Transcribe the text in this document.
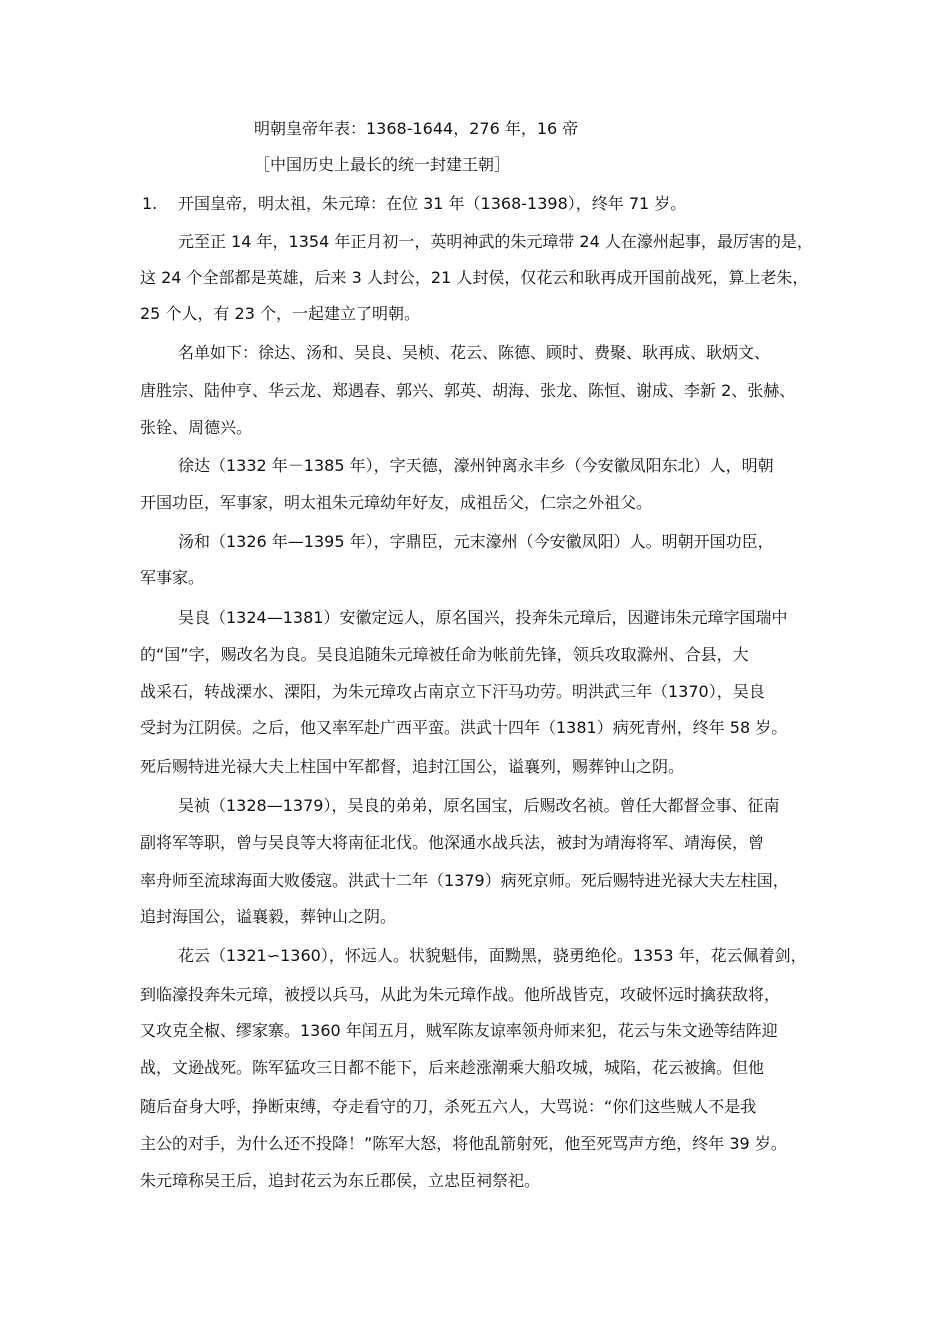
明朝皇帝年表：1368-1644，276 年，16 帝

［中国历史上最长的统一封建王朝］

1. 开国皇帝，明太祖，朱元璋：在位 31 年（1368-1398），终年 71 岁。

元至正 14 年，1354 年正月初一，英明神武的朱元璋带 24 人在濠州起事，最厉害的是，

这 24 个全部都是英雄，后来 3 人封公，21 人封侯，仅花云和耿再成开国前战死，算上老朱，

25 个人，有 23 个，一起建立了明朝。

名单如下：徐达、汤和、吴良、吴桢、花云、陈德、顾时、费聚、耿再成、耿炳文、

唐胜宗、陆仲亨、华云龙、郑遇春、郭兴、郭英、胡海、张龙、陈恒、谢成、李新 2、张赫、

张铨、周德兴。

徐达（1332 年－1385 年），字天德，濠州钟离永丰乡（今安徽凤阳东北）人，明朝

开国功臣，军事家，明太祖朱元璋幼年好友，成祖岳父，仁宗之外祖父。

汤和（1326 年—1395 年），字鼎臣，元末濠州（今安徽凤阳）人。明朝开国功臣，

军事家。

吴良（1324—1381）安徽定远人，原名国兴，投奔朱元璋后，因避讳朱元璋字国瑞中

的“国”字，赐改名为良。吴良追随朱元璋被任命为帐前先锋，领兵攻取滁州、合县，大

战采石，转战溧水、溧阳，为朱元璋攻占南京立下汗马功劳。明洪武三年（1370），吴良

受封为江阴侯。之后，他又率军赴广西平蛮。洪武十四年（1381）病死青州，终年 58 岁。

死后赐特进光禄大夫上柱国中军都督，追封江国公，谥襄列，赐葬钟山之阴。

吴祯（1328—1379），吴良的弟弟，原名国宝，后赐改名祯。曾任大都督佥事、征南

副将军等职，曾与吴良等大将南征北伐。他深通水战兵法，被封为靖海将军、靖海侯，曾

率舟师至流球海面大败倭寇。洪武十二年（1379）病死京师。死后赐特进光禄大夫左柱国，

追封海国公，谥襄毅，葬钟山之阴。

花云（1321∽1360），怀远人。状貌魁伟，面黝黑，骁勇绝伦。1353 年，花云佩着剑，

到临濠投奔朱元璋，被授以兵马，从此为朱元璋作战。他所战皆克，攻破怀远时擒获敌将，

又攻克全椒、缪家寨。1360 年闰五月，贼军陈友谅率领舟师来犯，花云与朱文逊等结阵迎

战，文逊战死。陈军猛攻三日都不能下，后来趁涨潮乘大船攻城，城陷，花云被擒。但他

随后奋身大呼，挣断束缚，夺走看守的刀，杀死五六人，大骂说：“你们这些贼人不是我

主公的对手，为什么还不投降！”陈军大怒，将他乱箭射死，他至死骂声方绝，终年 39 岁。

朱元璋称吴王后，追封花云为东丘郡侯，立忠臣祠祭祀。
